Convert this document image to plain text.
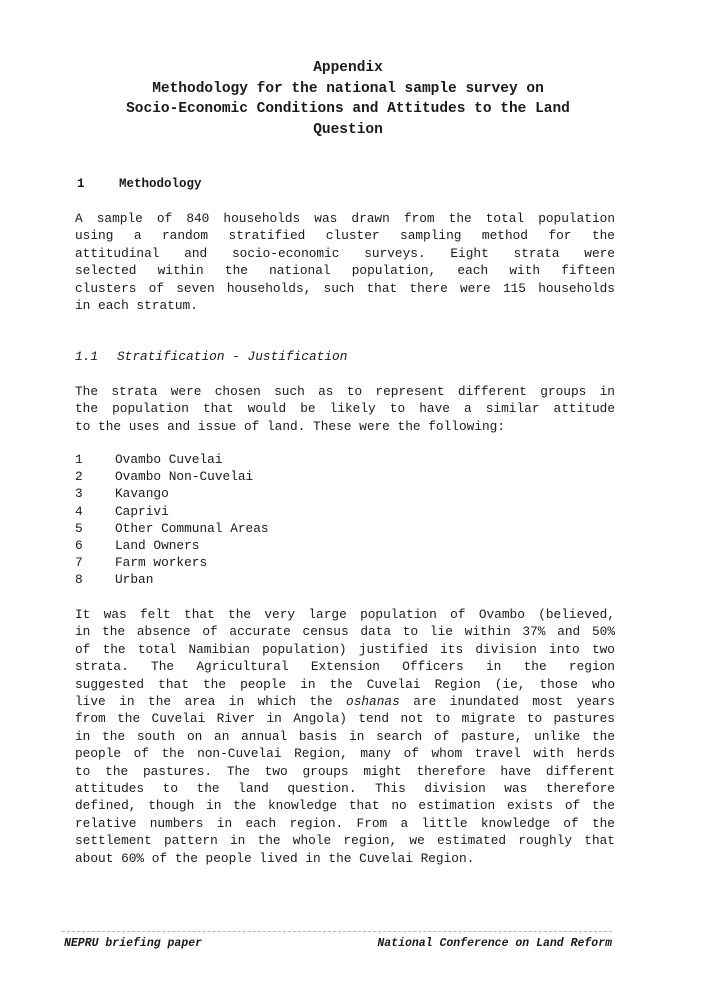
Appendix
Methodology for the national sample survey on
Socio-Economic Conditions and Attitudes to the Land
Question
1	Methodology
A sample of 840 households was drawn from the total population
using a random stratified cluster sampling method for the
attitudinal and socio-economic surveys. Eight strata were
selected within the national population, each with fifteen
clusters of seven households, such that there were 115 households
in each stratum.
1.1 Stratification - Justification
The strata were chosen such as to represent different groups in
the population that would be likely to have a similar attitude
to the uses and issue of land. These were the following:
1	Ovambo Cuvelai
2	Ovambo Non-Cuvelai
3	Kavango
4	Caprivi
5	Other Communal Areas
6	Land Owners
7	Farm workers
8	Urban
It was felt that the very large population of Ovambo (believed,
in the absence of accurate census data to lie within 37% and 50%
of the total Namibian population) justified its division into two
strata. The Agricultural Extension Officers in the region
suggested that the people in the Cuvelai Region (ie, those who
live in the area in which the oshanas are inundated most years
from the Cuvelai River in Angola) tend not to migrate to pastures
in the south on an annual basis in search of pasture, unlike the
people of the non-Cuvelai Region, many of whom travel with herds
to the pastures. The two groups might therefore have different
attitudes to the land question. This division was therefore
defined, though in the knowledge that no estimation exists of the
relative numbers in each region. From a little knowledge of the
settlement pattern in the whole region, we estimated roughly that
about 60% of the people lived in the Cuvelai Region.
NEPRU briefing paper	National Conference on Land Reform
